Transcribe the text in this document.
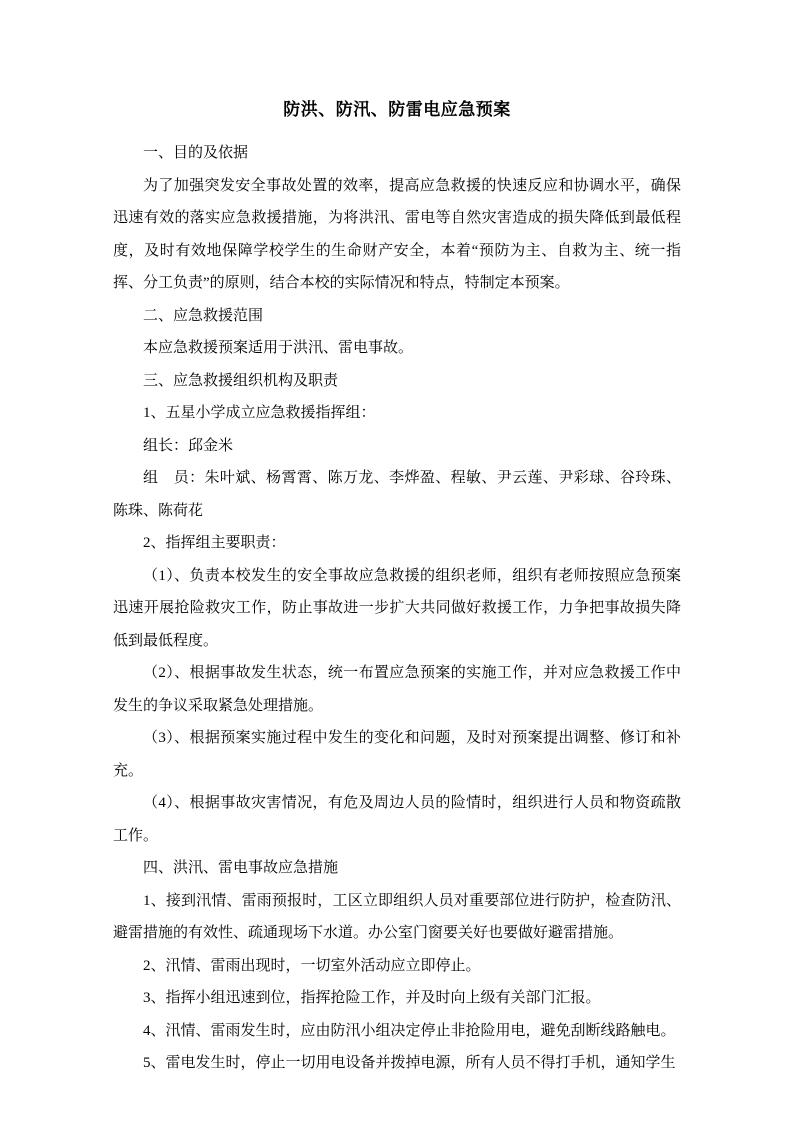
防洪、防汛、防雷电应急预案

一、目的及依据

为了加强突发安全事故处置的效率，提高应急救援的快速反应和协调水平，确保迅速有效的落实应急救援措施，为将洪汛、雷电等自然灾害造成的损失降低到最低程度，及时有效地保障学校学生的生命财产安全，本着“预防为主、自救为主、统一指挥、分工负责”的原则，结合本校的实际情况和特点，特制定本预案。

二、应急救援范围

本应急救援预案适用于洪汛、雷电事故。

三、应急救援组织机构及职责

1、五星小学成立应急救援指挥组：

组长：邱金米

组　员：朱叶斌、杨霄霄、陈万龙、李烨盈、程敏、尹云莲、尹彩球、谷玲珠、陈珠、陈荷花

2、指挥组主要职责：

（1）、负责本校发生的安全事故应急救援的组织老师，组织有老师按照应急预案迅速开展抢险救灾工作，防止事故进一步扩大共同做好救援工作，力争把事故损失降低到最低程度。

（2）、根据事故发生状态，统一布置应急预案的实施工作，并对应急救援工作中发生的争议采取紧急处理措施。

（3）、根据预案实施过程中发生的变化和问题，及时对预案提出调整、修订和补充。

（4）、根据事故灾害情况，有危及周边人员的险情时，组织进行人员和物资疏散工作。

四、洪汛、雷电事故应急措施

1、接到汛情、雷雨预报时，工区立即组织人员对重要部位进行防护，检查防汛、避雷措施的有效性、疏通现场下水道。办公室门窗要关好也要做好避雷措施。

2、汛情、雷雨出现时，一切室外活动应立即停止。

3、指挥小组迅速到位，指挥抢险工作，并及时向上级有关部门汇报。

4、汛情、雷雨发生时，应由防汛小组决定停止非抢险用电，避免刮断线路触电。

5、雷电发生时，停止一切用电设备并拨掉电源，所有人员不得打手机，通知学生
